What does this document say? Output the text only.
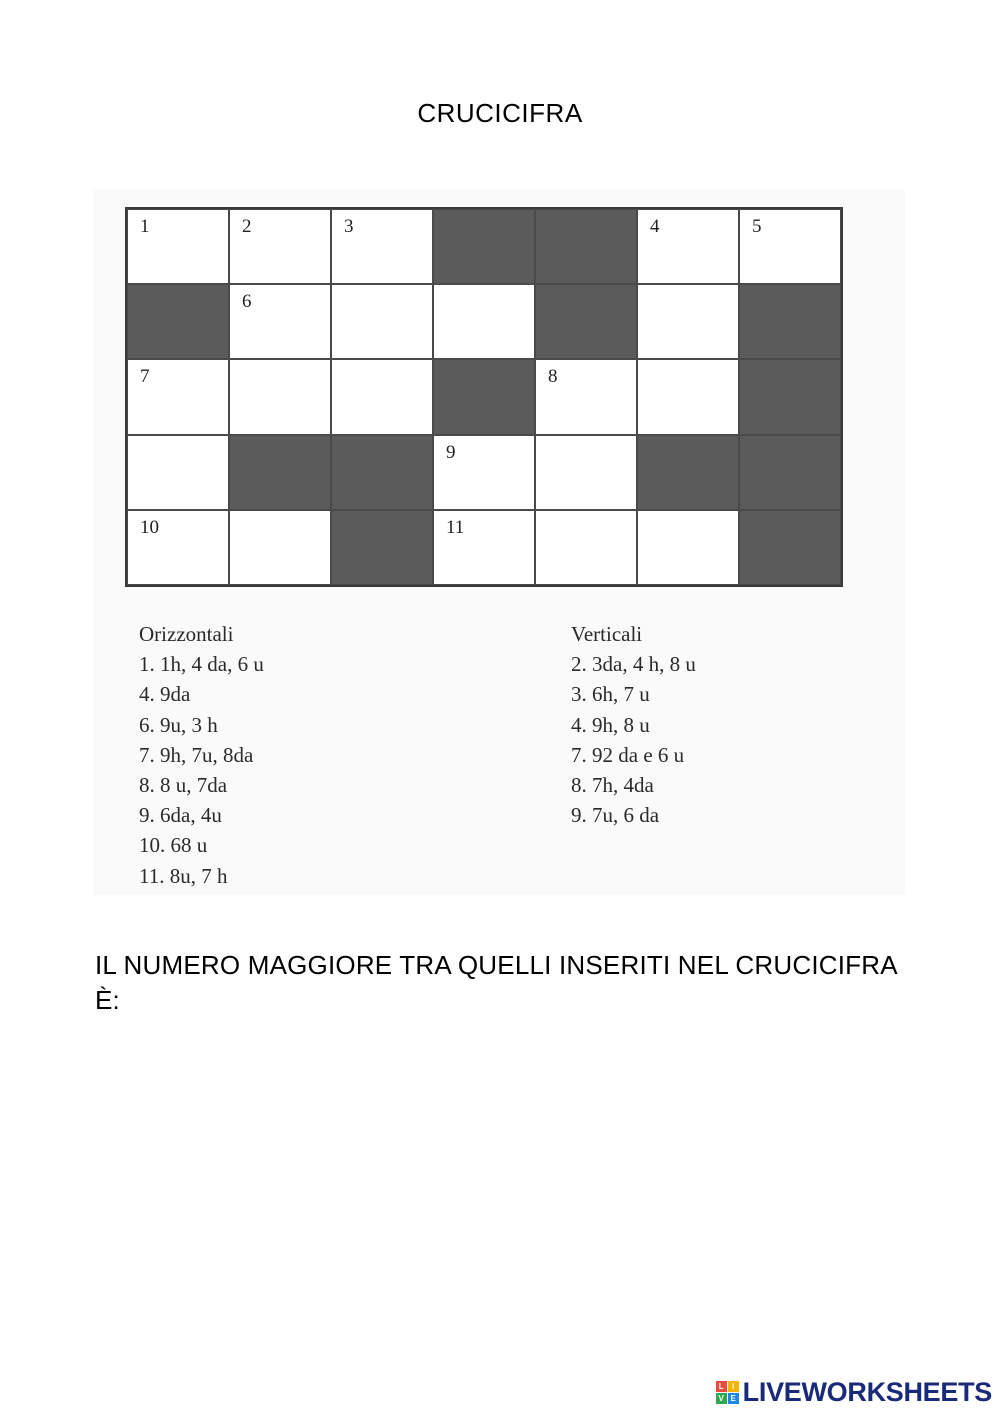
CRUCICIFRA
1	2	3	4	5
6
7	8
9
10	11
Orizzontali
1. 1h, 4 da, 6 u
4. 9da
6. 9u, 3 h
7. 9h, 7u, 8da
8. 8 u, 7da
9. 6da, 4u
10. 68 u
11. 8u, 7 h
Verticali
2. 3da, 4 h, 8 u
3. 6h, 7 u
4. 9h, 8 u
7. 92 da e 6 u
8. 7h, 4da
9. 7u, 6 da
IL NUMERO MAGGIORE TRA QUELLI INSERITI NEL CRUCICIFRA È:
L	I
V E LIVEWORKSHEETS
